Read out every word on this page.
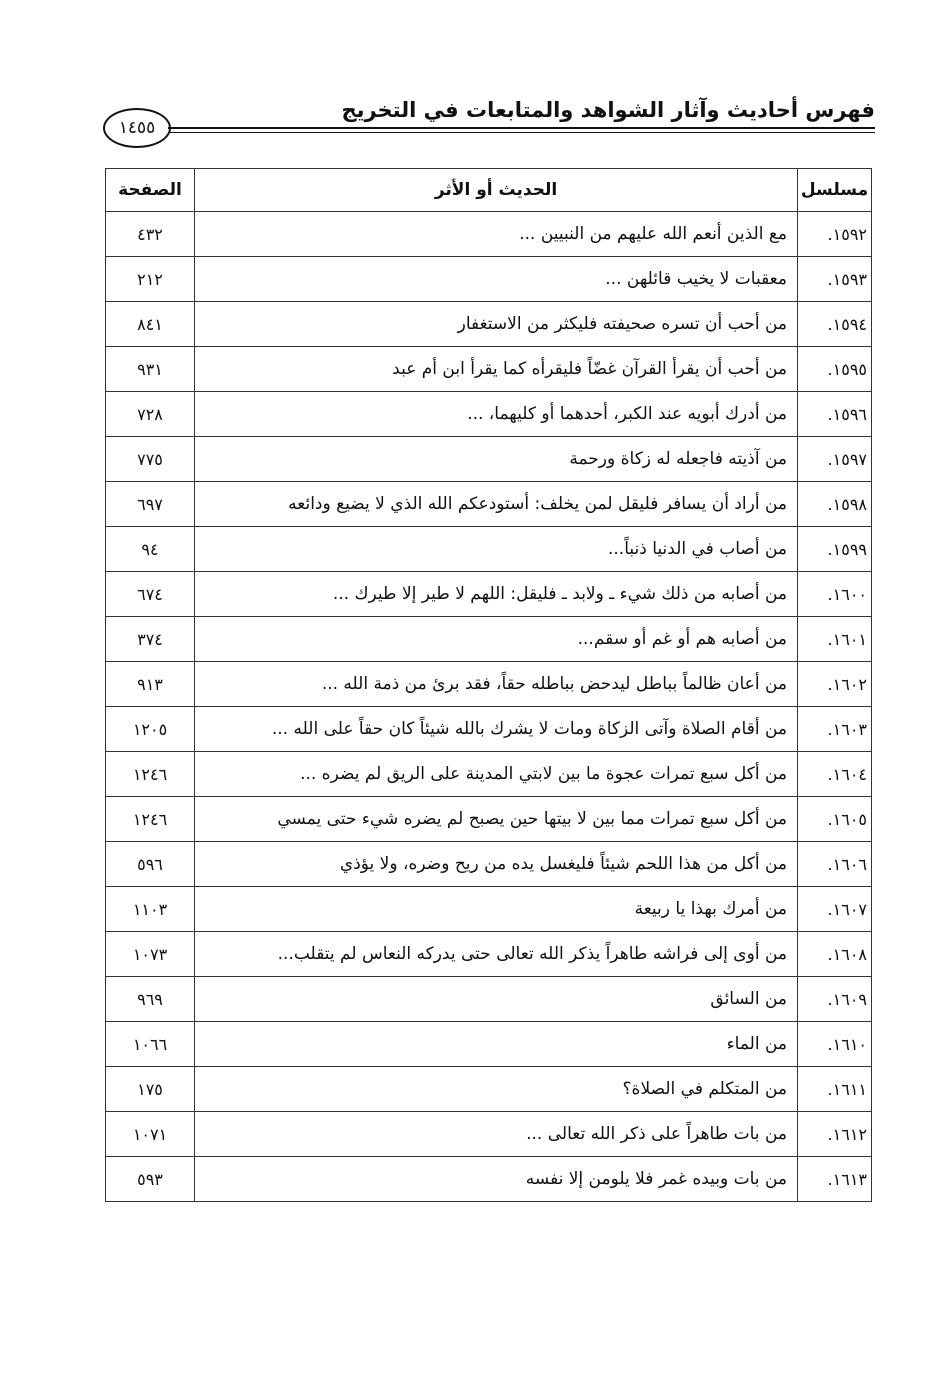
فهرس أحاديث وآثار الشواهد والمتابعات في التخريج
١٤٥٥
مسلسل	الحديث أو الأثر	الصفحة
١٥٩٢.	مع الذين أنعم الله عليهم من النبيين ...	٤٣٢
١٥٩٣.	معقبات لا يخيب قائلهن ...	٢١٢
١٥٩٤.	من أحب أن تسره صحيفته فليكثر من الاستغفار	٨٤١
١٥٩٥.	من أحب أن يقرأ القرآن غضّاً فليقرأه كما يقرأ ابن أم عبد	٩٣١
١٥٩٦.	من أدرك أبويه عند الكبر، أحدهما أو كليهما، ...	٧٢٨
١٥٩٧.	من آذيته فاجعله له زكاة ورحمة	٧٧٥
١٥٩٨.	من أراد أن يسافر فليقل لمن يخلف: أستودعكم الله الذي لا يضيع ودائعه	٦٩٧
١٥٩٩.	من أصاب في الدنيا ذنباً...	٩٤
١٦٠٠.	من أصابه من ذلك شيء ـ ولابد ـ فليقل: اللهم لا طير إلا طيرك ...	٦٧٤
١٦٠١.	من أصابه هم أو غم أو سقم...	٣٧٤
١٦٠٢.	من أعان ظالماً بباطل ليدحض بباطله حقاً، فقد برئ من ذمة الله ...	٩١٣
١٦٠٣.	من أقام الصلاة وآتى الزكاة ومات لا يشرك بالله شيئاً كان حقاً على الله ...	١٢٠٥
١٦٠٤.	من أكل سبع تمرات عجوة ما بين لابتي المدينة على الريق لم يضره ...	١٢٤٦
١٦٠٥.	من أكل سبع تمرات مما بين لا بيتها حين يصبح لم يضره شيء حتى يمسي	١٢٤٦
١٦٠٦.	من أكل من هذا اللحم شيئاً فليغسل يده من ريح وضره، ولا يؤذي	٥٩٦
١٦٠٧.	من أمرك بهذا يا ربيعة	١١٠٣
١٦٠٨.	من أوى إلى فراشه طاهراً يذكر الله تعالى حتى يدركه النعاس لم يتقلب...	١٠٧٣
١٦٠٩.	من السائق	٩٦٩
١٦١٠.	من الماء	١٠٦٦
١٦١١.	من المتكلم في الصلاة؟	١٧٥
١٦١٢.	من بات طاهراً على ذكر الله تعالى ...	١٠٧١
١٦١٣.	من بات وبيده غمر فلا يلومن إلا نفسه	٥٩٣
